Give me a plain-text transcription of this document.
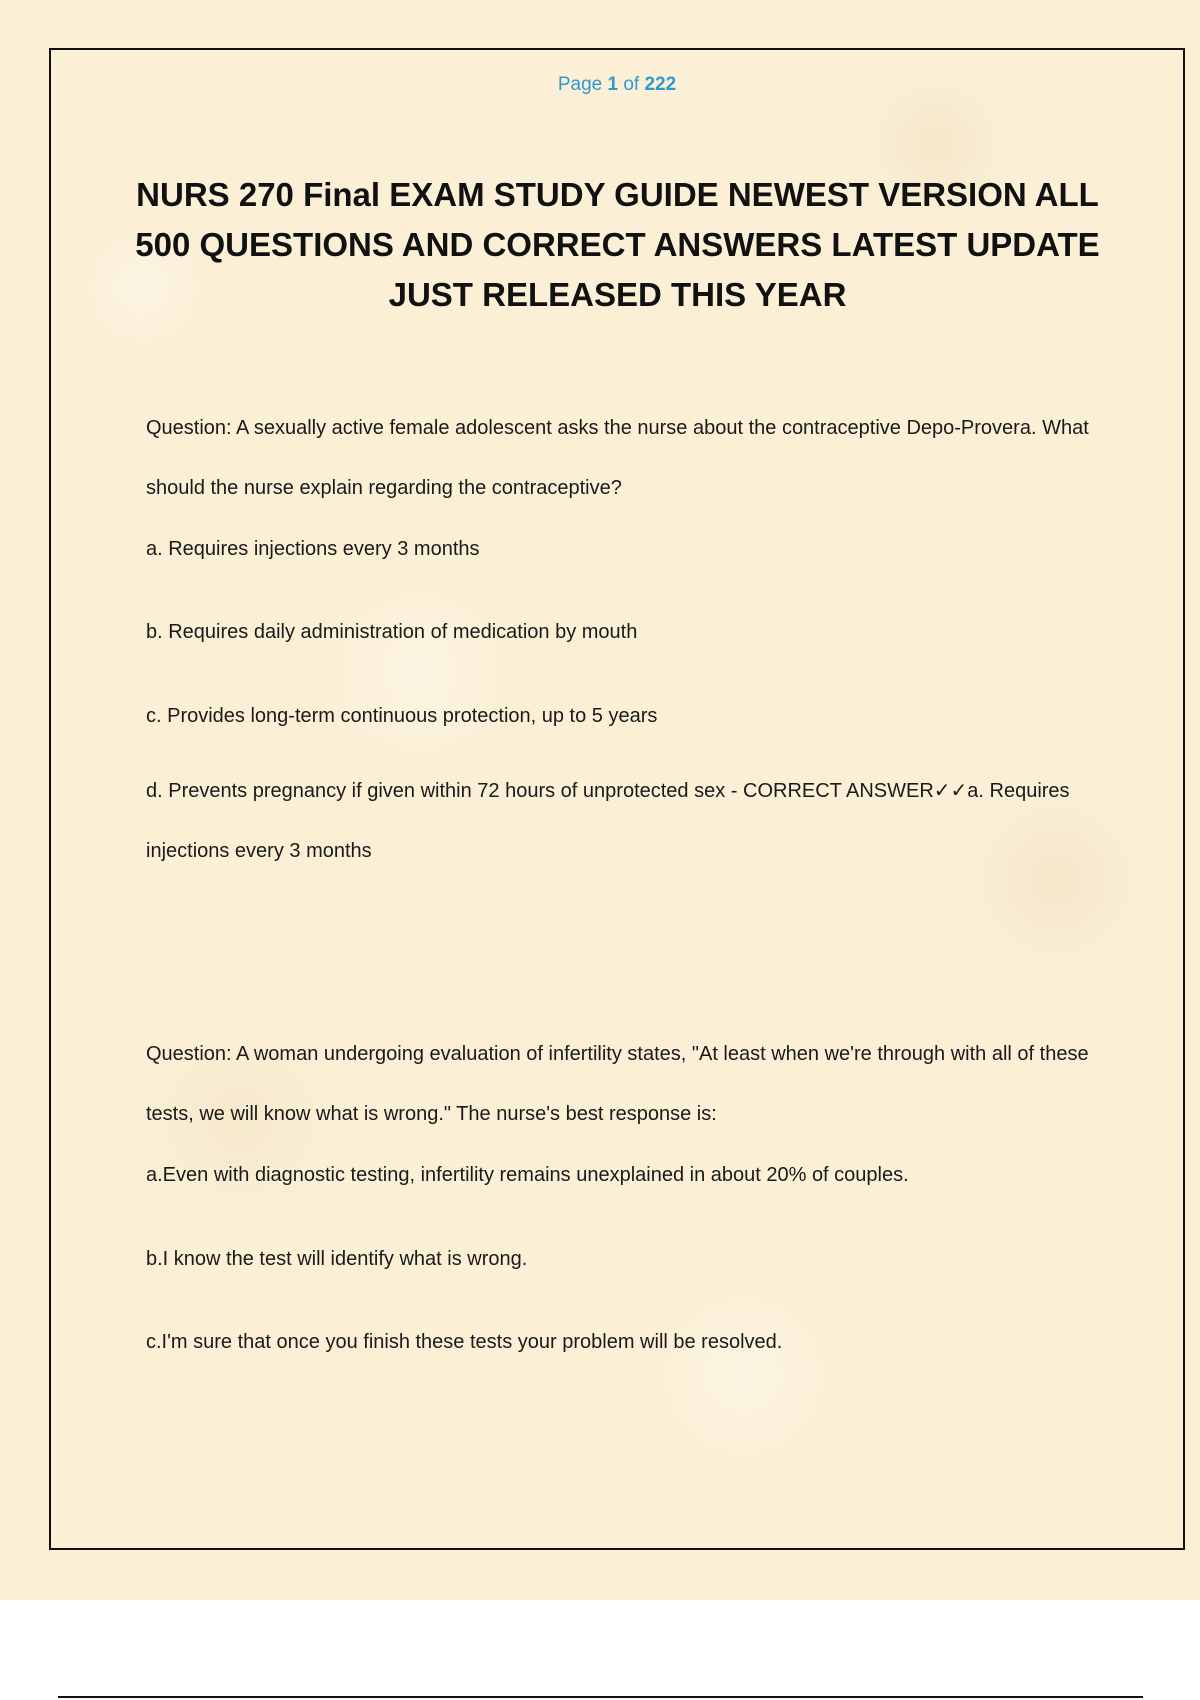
Page 1 of 222
NURS 270 Final EXAM STUDY GUIDE NEWEST VERSION ALL 500 QUESTIONS AND CORRECT ANSWERS LATEST UPDATE JUST RELEASED THIS YEAR

Question: A sexually active female adolescent asks the nurse about the contraceptive Depo-Provera. What should the nurse explain regarding the contraceptive?

a. Requires injections every 3 months

b. Requires daily administration of medication by mouth

c. Provides long-term continuous protection, up to 5 years

d. Prevents pregnancy if given within 72 hours of unprotected sex - CORRECT ANSWER✓✓a. Requires injections every 3 months

Question: A woman undergoing evaluation of infertility states, "At least when we're through with all of these tests, we will know what is wrong." The nurse's best response is:

a.Even with diagnostic testing, infertility remains unexplained in about 20% of couples.

b.I know the test will identify what is wrong.

c.I'm sure that once you finish these tests your problem will be resolved.
